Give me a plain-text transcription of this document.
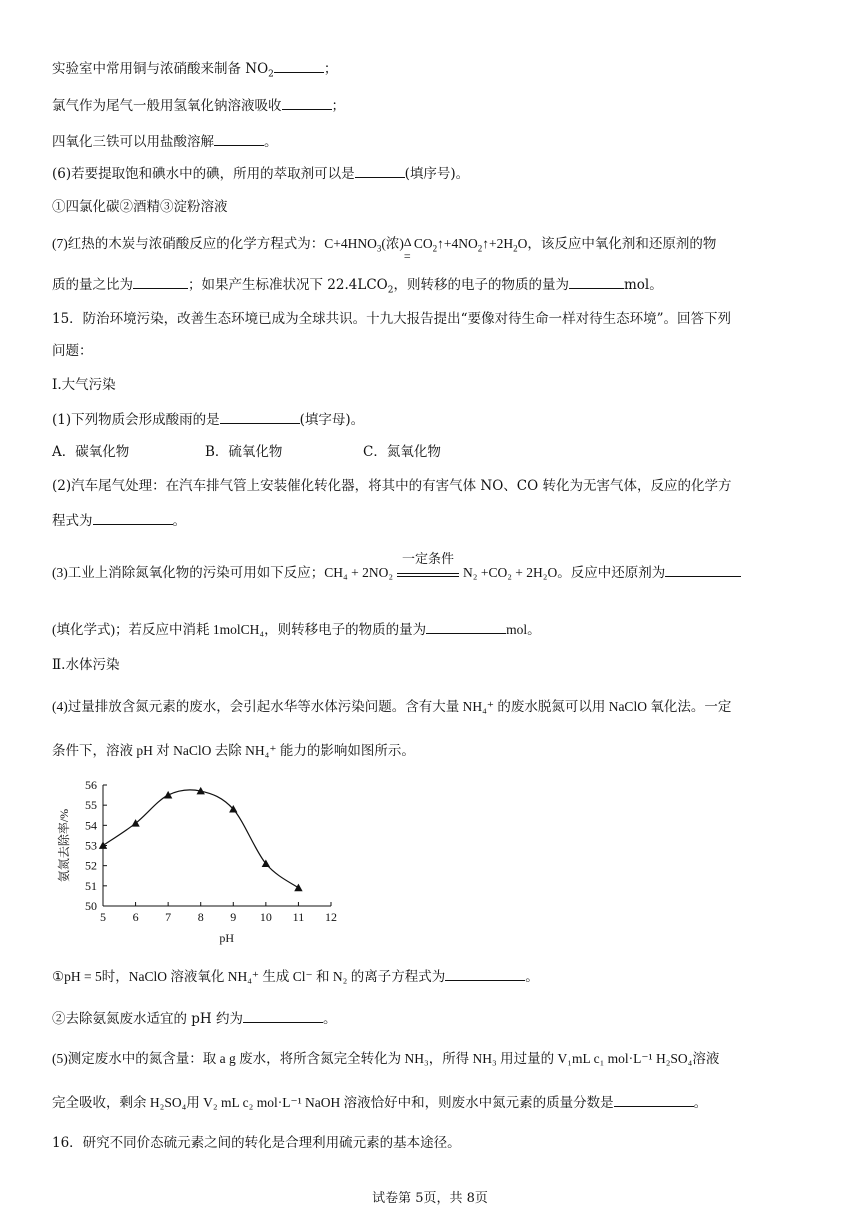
实验室中常用铜与浓硝酸来制备 $NO_2$	；
氯气作为尾气一般用氢氧化钠溶液吸收	；
四氧化三铁可以用盐酸溶解	。
(6)若要提取饱和碘水中的碘，所用的萃取剂可以是	(填序号)。
①四氯化碳②酒精③淀粉溶液
(7)红热的木炭与浓硝酸反应的化学方程式为：$C+4HNO_3$(浓) Δ
=
$CO_2↑+4NO_2↑+2H_2O$，该反应中氧化剂和还原剂的物
质的量之比为	；如果产生标准状况下 $22.4LCO_2$，则转移的电子的物质的量为	mol。
15．防治环境污染，改善生态环境已成为全球共识。十九大报告提出“要像对待生命一样对待生态环境”。回答下列
问题：
Ⅰ.大气污染
(1)下列物质会形成酸雨的是	(填字母)。
A．碳氧化物	B．硫氧化物	C．氮氧化物
(2)汽车尾气处理：在汽车排气管上安装催化转化器，将其中的有害气体 NO、CO 转化为无害气体，反应的化学方
程式为	。
(3)工业上消除氮氧化物的污染可用如下反应；CH₄ + 2NO₂
一定条件
N₂ +CO₂ + 2H₂O。反应中还原剂为
(填化学式)；若反应中消耗 1molCH₄，则转移电子的物质的量为	mol。
Ⅱ.水体污染
(4)过量排放含氮元素的废水，会引起水华等水体污染问题。含有大量 NH₄⁺ 的废水脱氮可以用 NaClO 氧化法。一定
条件下，溶液 pH 对 NaClO 去除 NH₄⁺ 能力的影响如图所示。
5 6 7 8 9 10 11 12
50
51
52
53
54
55
56
pH
氨氮去除率/%
①pH = 5时，NaClO 溶液氧化 NH₄⁺ 生成 Cl⁻ 和 N₂ 的离子方程式为	。
②去除氨氮废水适宜的 pH 约为	。
(5)测定废水中的氮含量：取 a g 废水，将所含氮完全转化为 NH₃，所得 NH₃ 用过量的 V₁mL c₁ mol·L⁻¹ H₂SO₄溶液
完全吸收，剩余 H₂SO₄用 V₂ mL c₂ mol·L⁻¹ NaOH 溶液恰好中和，则废水中氮元素的质量分数是	。
16．研究不同价态硫元素之间的转化是合理利用硫元素的基本途径。
试卷第 5页，共 8页
